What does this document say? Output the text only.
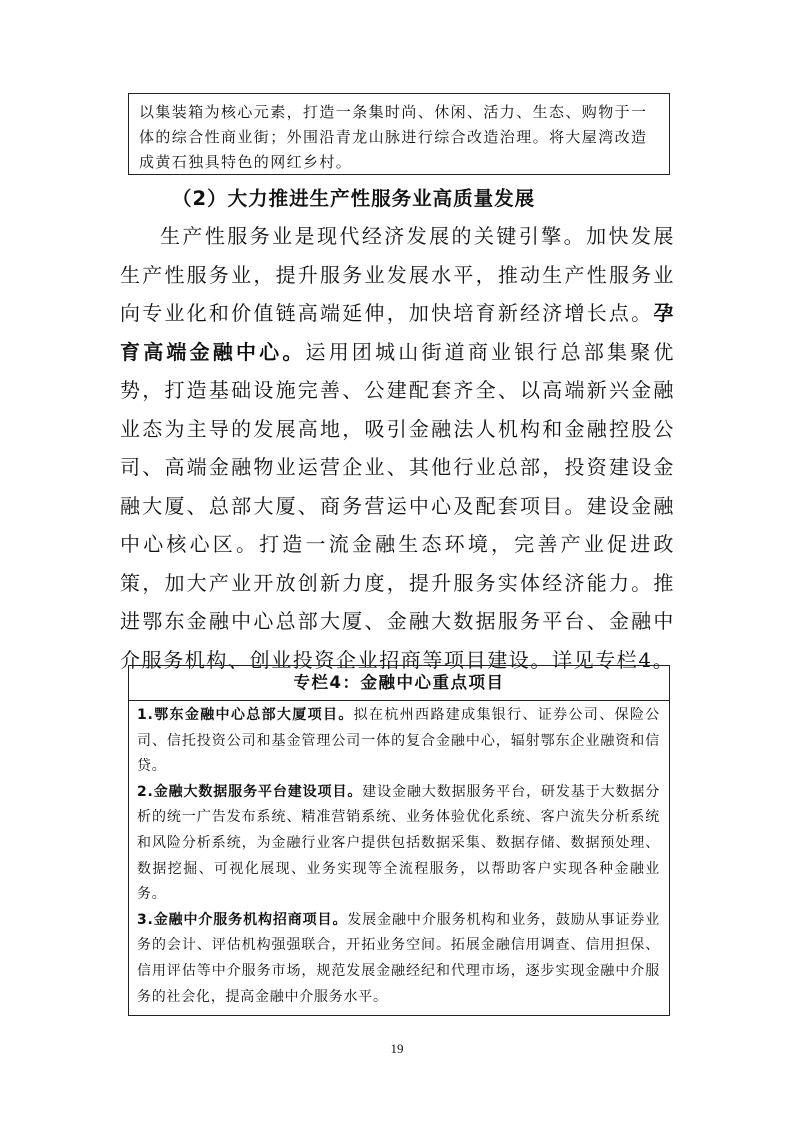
以集装箱为核心元素，打造一条集时尚、休闲、活力、生态、购物于一体的综合性商业街；外围沿青龙山脉进行综合改造治理。将大屋湾改造成黄石独具特色的网红乡村。

（2）大力推进生产性服务业高质量发展

生产性服务业是现代经济发展的关键引擎。加快发展生产性服务业，提升服务业发展水平，推动生产性服务业向专业化和价值链高端延伸，加快培育新经济增长点。孕育高端金融中心。运用团城山街道商业银行总部集聚优势，打造基础设施完善、公建配套齐全、以高端新兴金融业态为主导的发展高地，吸引金融法人机构和金融控股公司、高端金融物业运营企业、其他行业总部，投资建设金融大厦、总部大厦、商务营运中心及配套项目。建设金融中心核心区。打造一流金融生态环境，完善产业促进政策，加大产业开放创新力度，提升服务实体经济能力。推进鄂东金融中心总部大厦、金融大数据服务平台、金融中介服务机构、创业投资企业招商等项目建设。详见专栏4。

专栏4：金融中心重点项目

1.鄂东金融中心总部大厦项目。拟在杭州西路建成集银行、证券公司、保险公司、信托投资公司和基金管理公司一体的复合金融中心，辐射鄂东企业融资和信贷。

2.金融大数据服务平台建设项目。建设金融大数据服务平台，研发基于大数据分析的统一广告发布系统、精准营销系统、业务体验优化系统、客户流失分析系统和风险分析系统，为金融行业客户提供包括数据采集、数据存储、数据预处理、数据挖掘、可视化展现、业务实现等全流程服务，以帮助客户实现各种金融业务。

3.金融中介服务机构招商项目。发展金融中介服务机构和业务，鼓励从事证券业务的会计、评估机构强强联合，开拓业务空间。拓展金融信用调查、信用担保、信用评估等中介服务市场，规范发展金融经纪和代理市场，逐步实现金融中介服务的社会化，提高金融中介服务水平。

19
